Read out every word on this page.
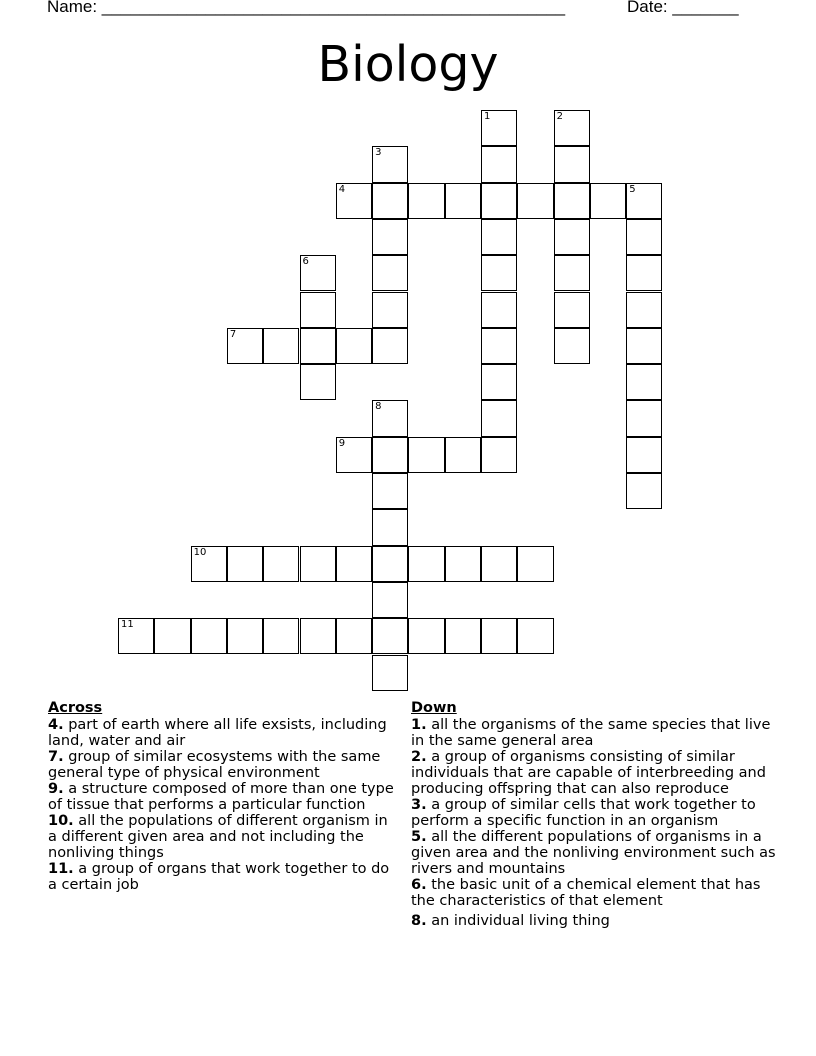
Name: _________________________________________________	Date: _______
Biology
1	2
3
4	5
6
7
8
9
10
11
Across
4. part of earth where all life exsists, including land, water and air
7. group of similar ecosystems with the same general type of physical environment
9. a structure composed of more than one type of tissue that performs a particular function
10. all the populations of different organism in a different given area and not including the nonliving things
11. a group of organs that work together to do a certain job
Down
1. all the organisms of the same species that live in the same general area
2. a group of organisms consisting of similar individuals that are capable of interbreeding and producing offspring that can also reproduce
3. a group of similar cells that work together to perform a specific function in an organism
5. all the different populations of organisms in a given area and the nonliving environment such as rivers and mountains
6. the basic unit of a chemical element that has the characteristics of that element
8. an individual living thing
